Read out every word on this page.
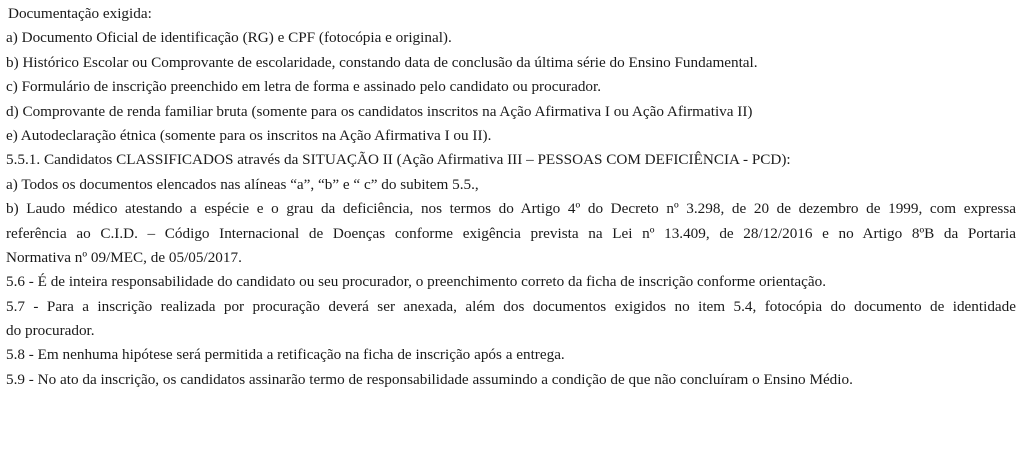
Documentação exigida:
a) Documento Oficial de identificação (RG) e CPF (fotocópia e original).
b) Histórico Escolar ou Comprovante de escolaridade, constando data de conclusão da última série do Ensino Fundamental.
c) Formulário de inscrição preenchido em letra de forma e assinado pelo candidato ou procurador.
d) Comprovante de renda familiar bruta (somente para os candidatos inscritos na Ação Afirmativa I ou Ação Afirmativa II)
e) Autodeclaração étnica (somente para os inscritos na Ação Afirmativa I ou II).
5.5.1. Candidatos CLASSIFICADOS através da SITUAÇÃO II (Ação Afirmativa III – PESSOAS COM DEFICIÊNCIA - PCD):
a) Todos os documentos elencados nas alíneas “a”, “b” e “ c” do subitem 5.5.,
b) Laudo médico atestando a espécie e o grau da deficiência, nos termos do Artigo 4º do Decreto nº 3.298, de 20 de dezembro de 1999, com expressa
referência ao C.I.D. – Código Internacional de Doenças conforme exigência prevista na Lei nº 13.409, de 28/12/2016 e no Artigo 8ºB da Portaria
Normativa nº 09/MEC, de 05/05/2017.
5.6 - É de inteira responsabilidade do candidato ou seu procurador, o preenchimento correto da ficha de inscrição conforme orientação.
5.7 - Para a inscrição realizada por procuração deverá ser anexada, além dos documentos exigidos no item 5.4, fotocópia do documento de identidade
do procurador.
5.8 - Em nenhuma hipótese será permitida a retificação na ficha de inscrição após a entrega.
5.9 - No ato da inscrição, os candidatos assinarão termo de responsabilidade assumindo a condição de que não concluíram o Ensino Médio.
